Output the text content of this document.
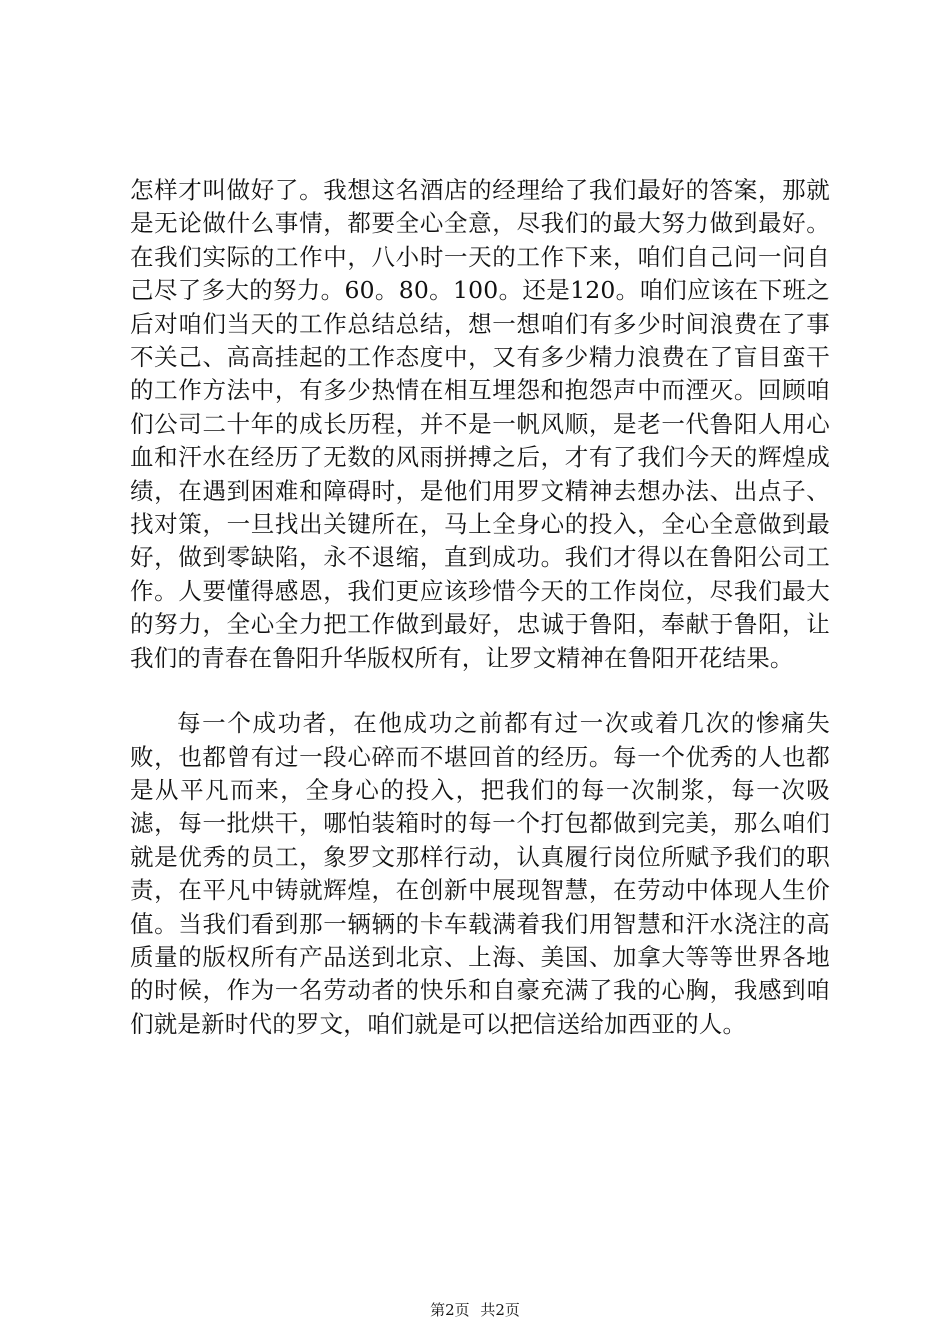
怎样才叫做好了。我想这名酒店的经理给了我们最好的答案，那就是无论做什么事情，都要全心全意，尽我们的最大努力做到最好。在我们实际的工作中，八小时一天的工作下来，咱们自己问一问自己尽了多大的努力。60。80。100。还是120。咱们应该在下班之后对咱们当天的工作总结总结，想一想咱们有多少时间浪费在了事不关己、高高挂起的工作态度中，又有多少精力浪费在了盲目蛮干的工作方法中，有多少热情在相互埋怨和抱怨声中而湮灭。回顾咱们公司二十年的成长历程，并不是一帆风顺，是老一代鲁阳人用心血和汗水在经历了无数的风雨拼搏之后，才有了我们今天的辉煌成绩，在遇到困难和障碍时，是他们用罗文精神去想办法、出点子、找对策，一旦找出关键所在，马上全身心的投入，全心全意做到最好，做到零缺陷，永不退缩，直到成功。我们才得以在鲁阳公司工作。人要懂得感恩，我们更应该珍惜今天的工作岗位，尽我们最大的努力，全心全力把工作做到最好，忠诚于鲁阳，奉献于鲁阳，让我们的青春在鲁阳升华版权所有，让罗文精神在鲁阳开花结果。

每一个成功者，在他成功之前都有过一次或着几次的惨痛失败，也都曾有过一段心碎而不堪回首的经历。每一个优秀的人也都是从平凡而来，全身心的投入，把我们的每一次制浆，每一次吸滤，每一批烘干，哪怕装箱时的每一个打包都做到完美，那么咱们就是优秀的员工，象罗文那样行动，认真履行岗位所赋予我们的职责，在平凡中铸就辉煌，在创新中展现智慧，在劳动中体现人生价值。当我们看到那一辆辆的卡车载满着我们用智慧和汗水浇注的高质量的版权所有产品送到北京、上海、美国、加拿大等等世界各地的时候，作为一名劳动者的快乐和自豪充满了我的心胸，我感到咱们就是新时代的罗文，咱们就是可以把信送给加西亚的人。

第2页 共2页
